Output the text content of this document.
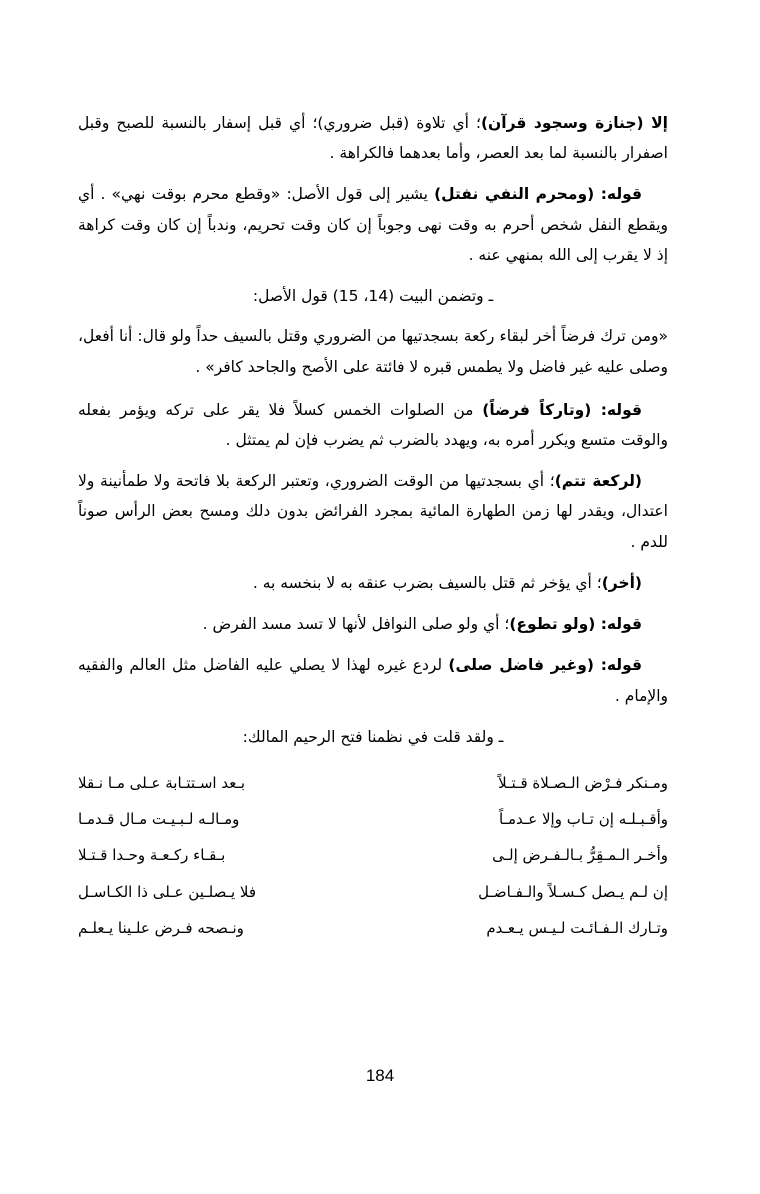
إلا (جنازة وسجود قرآن)؛ أي تلاوة (قبل ضروري)؛ أي قبل إسفار بالنسبة للصبح وقبل اصفرار بالنسبة لما بعد العصر، وأما بعدهما فالكراهة .

قوله: (ومحرم النفي نفتل) يشير إلى قول الأصل: «وقطع محرم بوقت نهي» . أي ويقطع النفل شخص أحرم به وقت نهى وجوباً إن كان وقت تحريم، وندباً إن كان وقت كراهة إذ لا يقرب إلى الله بمنهي عنه .

ـ وتضمن البيت (14، 15) قول الأصل:

«ومن ترك فرضاً أخر لبقاء ركعة بسجدتيها من الضروري وقتل بالسيف حداً ولو قال: أنا أفعل، وصلى عليه غير فاضل ولا يطمس قبره لا فائتة على الأصح والجاحد كافر» .

قوله: (وتاركاً فرضاً) من الصلوات الخمس كسلاً فلا يقر على تركه ويؤمر بفعله والوقت متسع ويكرر أمره به، ويهدد بالضرب ثم يضرب فإن لم يمتثل .

(لركعة تتم)؛ أي بسجدتيها من الوقت الضروري، وتعتبر الركعة بلا فاتحة ولا طمأنينة ولا اعتدال، ويقدر لها زمن الطهارة المائية بمجرد الفرائض بدون دلك ومسح بعض الرأس صوناً للدم .

(أخر)؛ أي يؤخر ثم قتل بالسيف بضرب عنقه به لا بنخسه به .

قوله: (ولو تطوع)؛ أي ولو صلى النوافل لأنها لا تسد مسد الفرض .

قوله: (وغير فاضل صلى) لردع غيره لهذا لا يصلي عليه الفاضل مثل العالم والفقيه والإمام .

ـ ولقد قلت في نظمنا فتح الرحيم المالك:

ومـنكر فـرْض الـصـلاة قـتـلاً	بـعد اسـتتـابة عـلى مـا نـقلا
وأقـبـلـه إن تـاب وإلا عـدمـاً	ومـالـه لـبـيـت مـال قـدمـا
وأخـر الـمـقِرُّ بـالـفـرض إلـى	بـقـاء ركـعـة وحـدا قـتـلا
إن لـم يـصل كـسـلاً والـفـاضـل	فلا يـصلـين عـلى ذا الكـاسـل
وتـارك الـفـائـت لـيـس يـعـدم	ونـصحه فـرض علـينا يـعلـم
184
